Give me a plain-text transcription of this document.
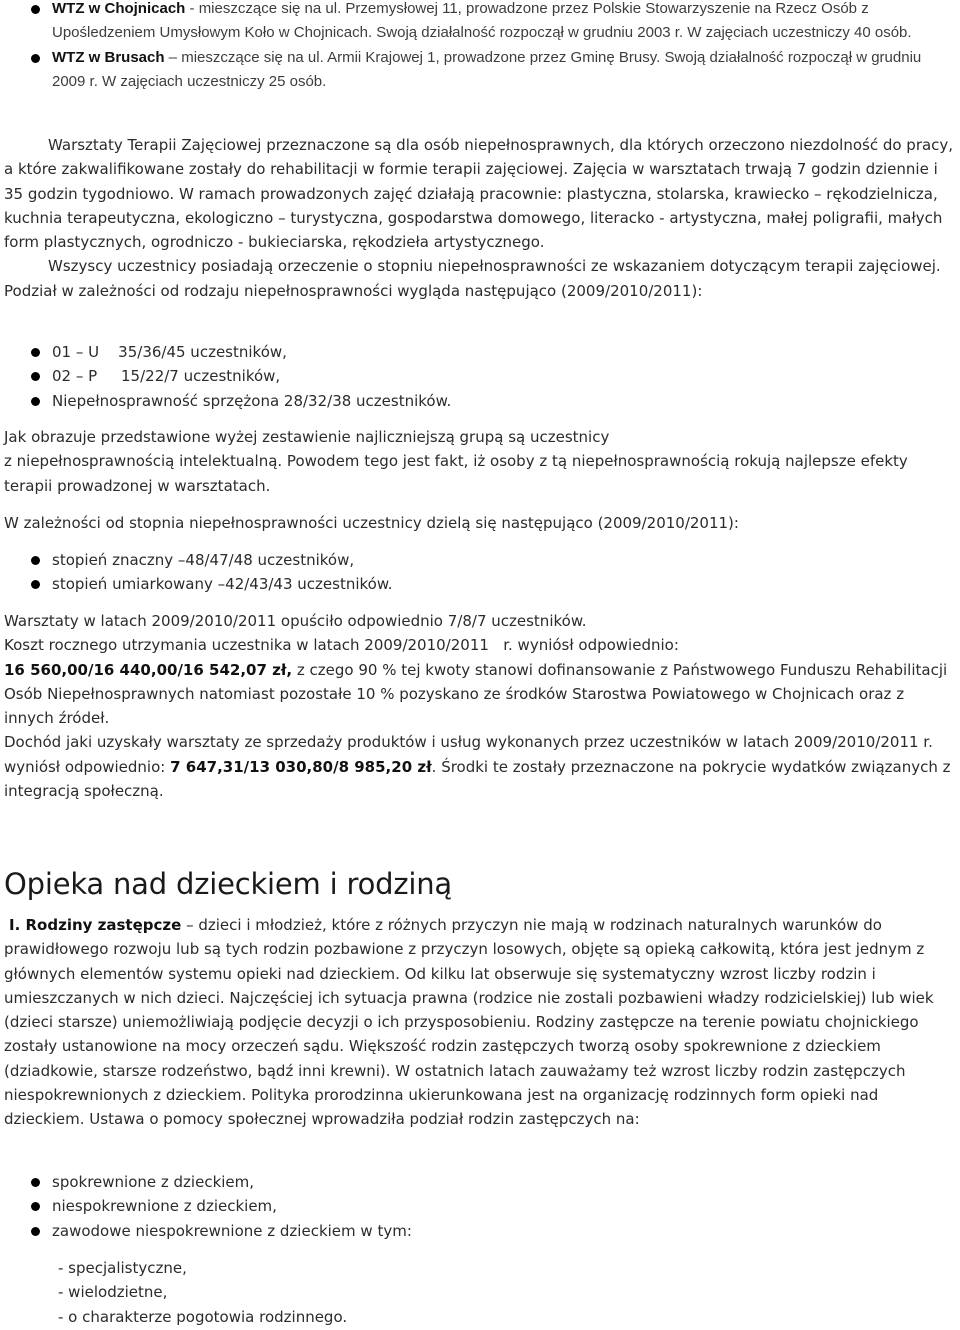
WTZ w Chojnicach - mieszczące się na ul. Przemysłowej 11, prowadzone przez Polskie Stowarzyszenie na Rzecz Osób z Upośledzeniem Umysłowym Koło w Chojnicach. Swoją działalność rozpoczął w grudniu 2003 r. W zajęciach uczestniczy 40 osób.
WTZ w Brusach – mieszczące się na ul. Armii Krajowej 1, prowadzone przez Gminę Brusy. Swoją działalność rozpoczął w grudniu 2009 r. W zajęciach uczestniczy 25 osób.

Warsztaty Terapii Zajęciowej przeznaczone są dla osób niepełnosprawnych, dla których orzeczono niezdolność do pracy, a które zakwalifikowane zostały do rehabilitacji w formie terapii zajęciowej. Zajęcia w warsztatach trwają 7 godzin dziennie i 35 godzin tygodniowo. W ramach prowadzonych zajęć działają pracownie: plastyczna, stolarska, krawiecko – rękodzielnicza, kuchnia terapeutyczna, ekologiczno – turystyczna, gospodarstwa domowego, literacko - artystyczna, małej poligrafii, małych form plastycznych, ogrodniczo - bukieciarska, rękodzieła artystycznego.

Wszyscy uczestnicy posiadają orzeczenie o stopniu niepełnosprawności ze wskazaniem dotyczącym terapii zajęciowej.

Podział w zależności od rodzaju niepełnosprawności wygląda następująco (2009/2010/2011):

01 – U    35/36/45 uczestników,
02 – P     15/22/7 uczestników,
Niepełnosprawność sprzężona 28/32/38 uczestników.

Jak obrazuje przedstawione wyżej zestawienie najliczniejszą grupą są uczestnicy

z niepełnosprawnością intelektualną. Powodem tego jest fakt, iż osoby z tą niepełnosprawnością rokują najlepsze efekty terapii prowadzonej w warsztatach.

W zależności od stopnia niepełnosprawności uczestnicy dzielą się następująco (2009/2010/2011):

stopień znaczny –48/47/48 uczestników,
stopień umiarkowany –42/43/43 uczestników.

Warsztaty w latach 2009/2010/2011 opuściło odpowiednio 7/8/7 uczestników.

Koszt rocznego utrzymania uczestnika w latach 2009/2010/2011   r. wyniósł odpowiednio:

16 560,00/16 440,00/16 542,07 zł, z czego 90 % tej kwoty stanowi dofinansowanie z Państwowego Funduszu Rehabilitacji Osób Niepełnosprawnych natomiast pozostałe 10 % pozyskano ze środków Starostwa Powiatowego w Chojnicach oraz z innych źródeł.

Dochód jaki uzyskały warsztaty ze sprzedaży produktów i usług wykonanych przez uczestników w latach 2009/2010/2011 r. wyniósł odpowiednio: 7 647,31/13 030,80/8 985,20 zł. Środki te zostały przeznaczone na pokrycie wydatków związanych z integracją społeczną.

Opieka nad dzieckiem i rodziną

I. Rodziny zastępcze – dzieci i młodzież, które z różnych przyczyn nie mają w rodzinach naturalnych warunków do prawidłowego rozwoju lub są tych rodzin pozbawione z przyczyn losowych, objęte są opieką całkowitą, która jest jednym z głównych elementów systemu opieki nad dzieckiem. Od kilku lat obserwuje się systematyczny wzrost liczby rodzin i umieszczanych w nich dzieci. Najczęściej ich sytuacja prawna (rodzice nie zostali pozbawieni władzy rodzicielskiej) lub wiek (dzieci starsze) uniemożliwiają podjęcie decyzji o ich przysposobieniu. Rodziny zastępcze na terenie powiatu chojnickiego zostały ustanowione na mocy orzeczeń sądu. Większość rodzin zastępczych tworzą osoby spokrewnione z dzieckiem (dziadkowie, starsze rodzeństwo, bądź inni krewni). W ostatnich latach zauważamy też wzrost liczby rodzin zastępczych niespokrewnionych z dzieckiem. Polityka prorodzinna ukierunkowana jest na organizację rodzinnych form opieki nad dzieckiem. Ustawa o pomocy społecznej wprowadziła podział rodzin zastępczych na:

spokrewnione z dzieckiem,
niespokrewnione z dzieckiem,
zawodowe niespokrewnione z dzieckiem w tym:
- specjalistyczne,
- wielodzietne,
- o charakterze pogotowia rodzinnego.
